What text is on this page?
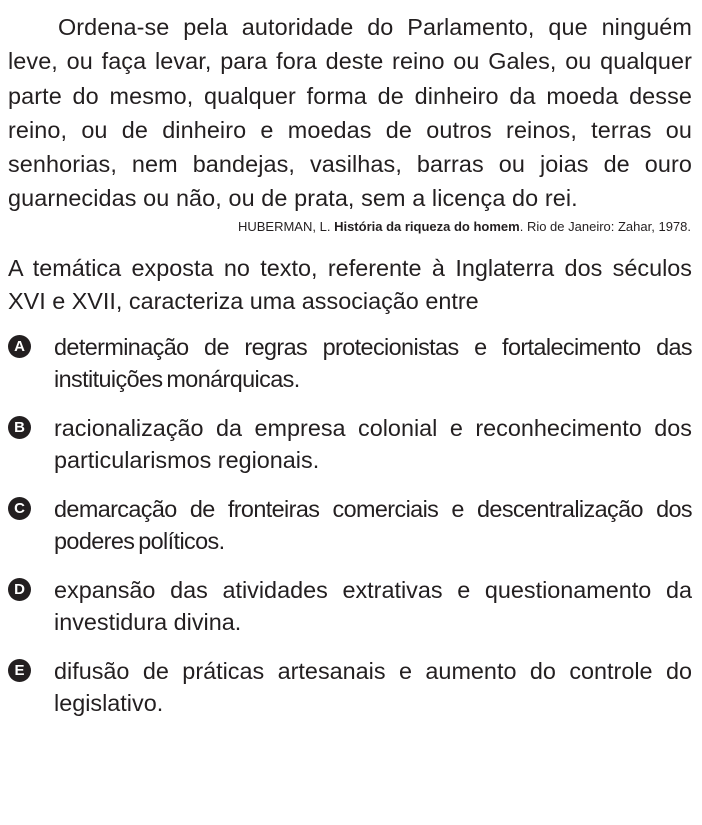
Ordena-se pela autoridade do Parlamento, que ninguém leve, ou faça levar, para fora deste reino ou Gales, ou qualquer parte do mesmo, qualquer forma de dinheiro da moeda desse reino, ou de dinheiro e moedas de outros reinos, terras ou senhorias, nem bandejas, vasilhas, barras ou joias de ouro guarnecidas ou não, ou de prata, sem a licença do rei.

HUBERMAN, L. História da riqueza do homem. Rio de Janeiro: Zahar, 1978.

A temática exposta no texto, referente à Inglaterra dos séculos XVI e XVII, caracteriza uma associação entre

A determinação de regras protecionistas e fortalecimento das instituições monárquicas.
B racionalização da empresa colonial e reconhecimento dos particularismos regionais.
C demarcação de fronteiras comerciais e descentralização dos poderes políticos.
D expansão das atividades extrativas e questionamento da investidura divina.
E difusão de práticas artesanais e aumento do controle do legislativo.
